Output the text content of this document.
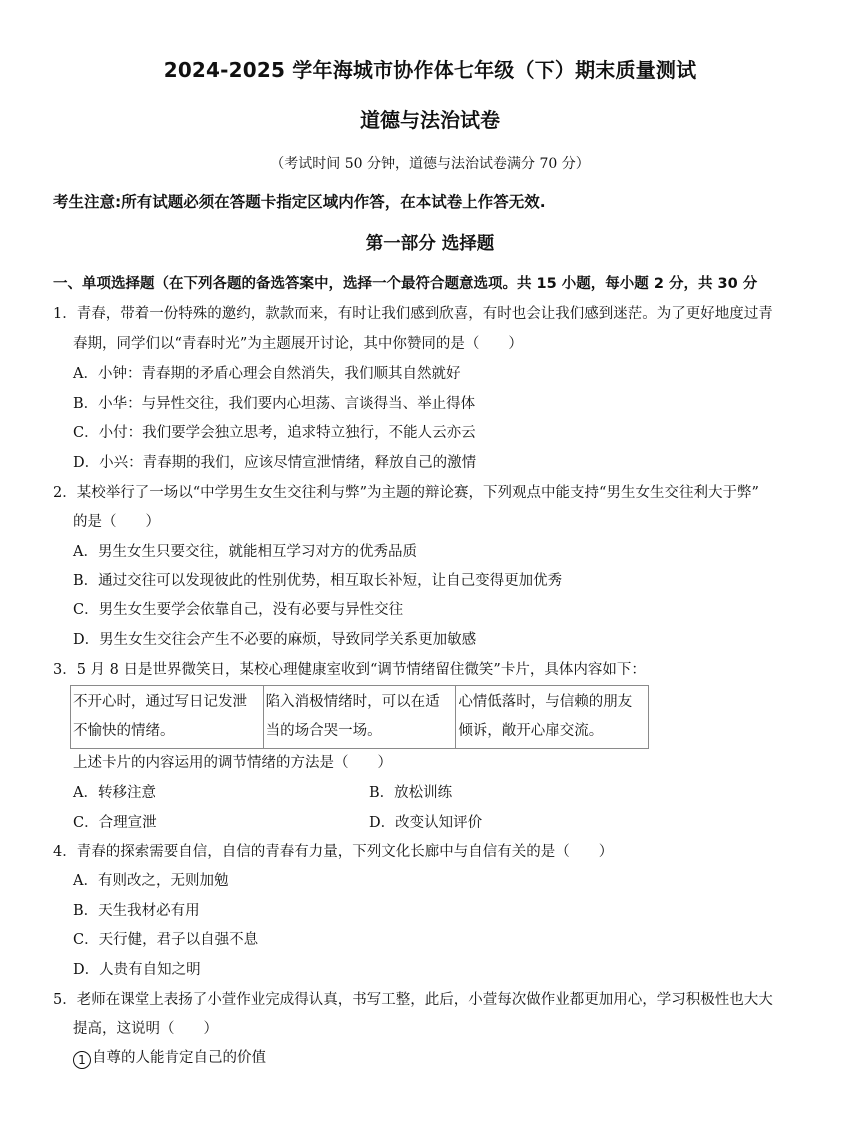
2024-2025 学年海城市协作体七年级（下）期末质量测试
道德与法治试卷
（考试时间 50 分钟，道德与法治试卷满分 70 分）
考生注意:所有试题必须在答题卡指定区域内作答，在本试卷上作答无效.
第一部分 选择题
一、单项选择题（在下列各题的备选答案中，选择一个最符合题意选项。共 15 小题，每小题 2 分，共 30 分
1．青春，带着一份特殊的邀约，款款而来，有时让我们感到欣喜，有时也会让我们感到迷茫。为了更好地度过青
春期，同学们以“青春时光”为主题展开讨论，其中你赞同的是（　　）
A．小钟：青春期的矛盾心理会自然消失，我们顺其自然就好
B．小华：与异性交往，我们要内心坦荡、言谈得当、举止得体
C．小付：我们要学会独立思考，追求特立独行，不能人云亦云
D．小兴：青春期的我们，应该尽情宣泄情绪，释放自己的激情
2．某校举行了一场以“中学男生女生交往利与弊”为主题的辩论赛，下列观点中能支持“男生女生交往利大于弊”
的是（　　）
A．男生女生只要交往，就能相互学习对方的优秀品质
B．通过交往可以发现彼此的性别优势，相互取长补短，让自己变得更加优秀
C．男生女生要学会依靠自己，没有必要与异性交往
D．男生女生交往会产生不必要的麻烦，导致同学关系更加敏感
3．5 月 8 日是世界微笑日，某校心理健康室收到“调节情绪留住微笑”卡片，具体内容如下：
不开心时，通过写日记发泄不愉快的情绪。	陷入消极情绪时，可以在适当的场合哭一场。	心情低落时，与信赖的朋友倾诉，敞开心扉交流。
上述卡片的内容运用的调节情绪的方法是（　　）
A．转移注意	B．放松训练
C．合理宣泄	D．改变认知评价
4．青春的探索需要自信，自信的青春有力量，下列文化长廊中与自信有关的是（　　）
A．有则改之，无则加勉
B．天生我材必有用
C．天行健，君子以自强不息
D．人贵有自知之明
5．老师在课堂上表扬了小萱作业完成得认真，书写工整，此后，小萱每次做作业都更加用心，学习积极性也大大
提高，这说明（　　）
1 自尊的人能肯定自己的价值
